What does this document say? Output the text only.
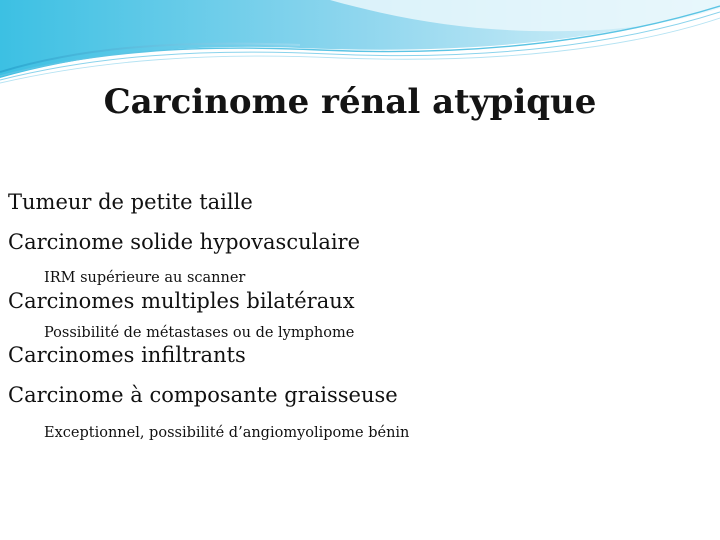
Carcinome rénal atypique

Tumeur de petite taille

Carcinome solide hypovasculaire

IRM supérieure au scanner

Carcinomes multiples bilatéraux

Possibilité de métastases ou de lymphome

Carcinomes infiltrants

Carcinome à composante graisseuse

Exceptionnel, possibilité d’angiomyolipome bénin
